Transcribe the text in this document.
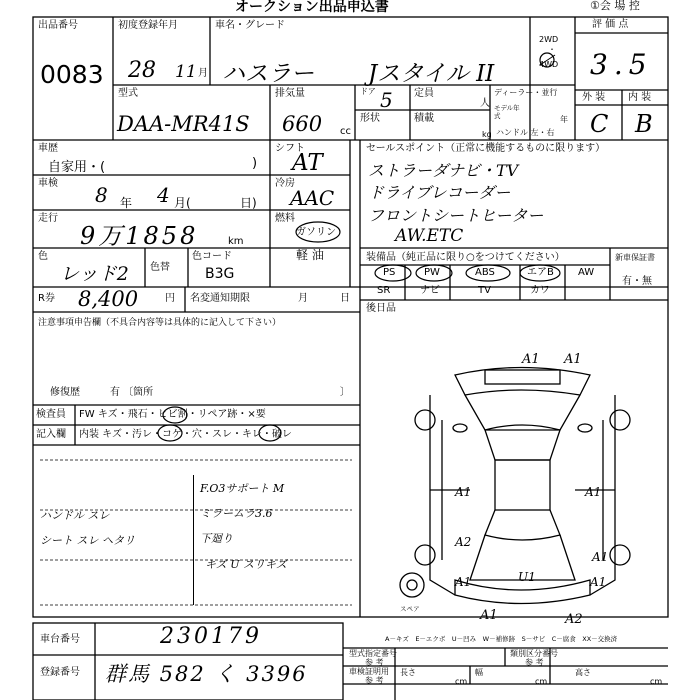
オークション出品申込書	①会 場 控
出品番号
0083
初度登録年月
28 11 月
車名・グレード
ハスラー Jスタイル II
2WD
・
4WD
評 価 点
3.5
外 装 内 装
C B
型式
DAA-MR41S
排気量
660 cc
ドア 5 定員
人
形状	積載
kg
ディーラー・並行
モデル年式	年
ハンドル 左・右
車歴
自家用・(	)
車検 8 年 4 月(	日)
走行
9万1858	km
色
レッド2 色替
色コード
B3G
シフト
AT
冷房
AAC
燃料
ガソリン
軽 油
R券 8,400	円 名変通知期限	月	日
セールスポイント（正常に機能するものに限ります）
ストラーダナビ・TV
ドライブレコーダー
フロントシートヒーター
AW.ETC
装備品（純正品に限り○をつけてください）
PS	PW	ABS	エアB AW
SR	ナビ	TV	カワ
新車保証書
有・無
後日品
注意事項申告欄（不具合内容等は具体的に記入して下さい）
修復歴	有 〔箇所	〕
検査員
記入欄
FW キズ・飛石・ヒビ割・リペア跡・×要
内装 キズ・汚レ・コゲ・穴・スレ・キレ・破レ
ハンドル スレ
シート スレ ヘタリ
F.O3サポート M
ミラームラ3.6
下廻り
キズ U スリキズ
A1 A1
A1	A1
A1
A2
A1
A1
U1
A1	A2
スペア
A－キズ　E－エクボ　U－凹み　W－補修跡　S－サビ　C－腐食　XX－交換済
車台番号	230179
登録番号 群馬 582 く 3396
型式指定番号
参 考
類別区分番号
参 考
車検証明用
参 考
長さ
cm
幅
cm
高さ
cm
